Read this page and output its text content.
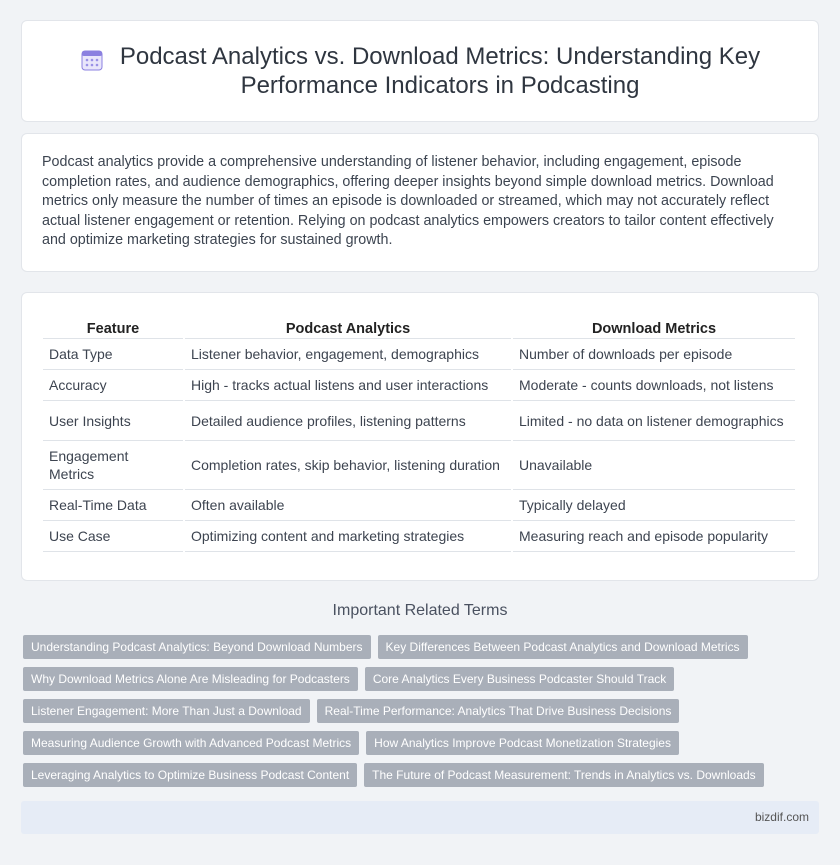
Podcast Analytics vs. Download Metrics: Understanding Key Performance Indicators in Podcasting

Podcast analytics provide a comprehensive understanding of listener behavior, including engagement, episode completion rates, and audience demographics, offering deeper insights beyond simple download metrics. Download metrics only measure the number of times an episode is downloaded or streamed, which may not accurately reflect actual listener engagement or retention. Relying on podcast analytics empowers creators to tailor content effectively and optimize marketing strategies for sustained growth.

Feature	Podcast Analytics	Download Metrics
Data Type	Listener behavior, engagement, demographics	Number of downloads per episode
Accuracy	High - tracks actual listens and user interactions	Moderate - counts downloads, not listens
User Insights	Detailed audience profiles, listening patterns	Limited - no data on listener demographics
Engagement Metrics	Completion rates, skip behavior, listening duration	Unavailable
Real-Time Data	Often available	Typically delayed
Use Case	Optimizing content and marketing strategies	Measuring reach and episode popularity
Important Related Terms
Understanding Podcast Analytics: Beyond Download Numbers	Key Differences Between Podcast Analytics and Download Metrics
Why Download Metrics Alone Are Misleading for Podcasters	Core Analytics Every Business Podcaster Should Track
Listener Engagement: More Than Just a Download	Real-Time Performance: Analytics That Drive Business Decisions
Measuring Audience Growth with Advanced Podcast Metrics	How Analytics Improve Podcast Monetization Strategies
Leveraging Analytics to Optimize Business Podcast Content	The Future of Podcast Measurement: Trends in Analytics vs. Downloads
bizdif.com
